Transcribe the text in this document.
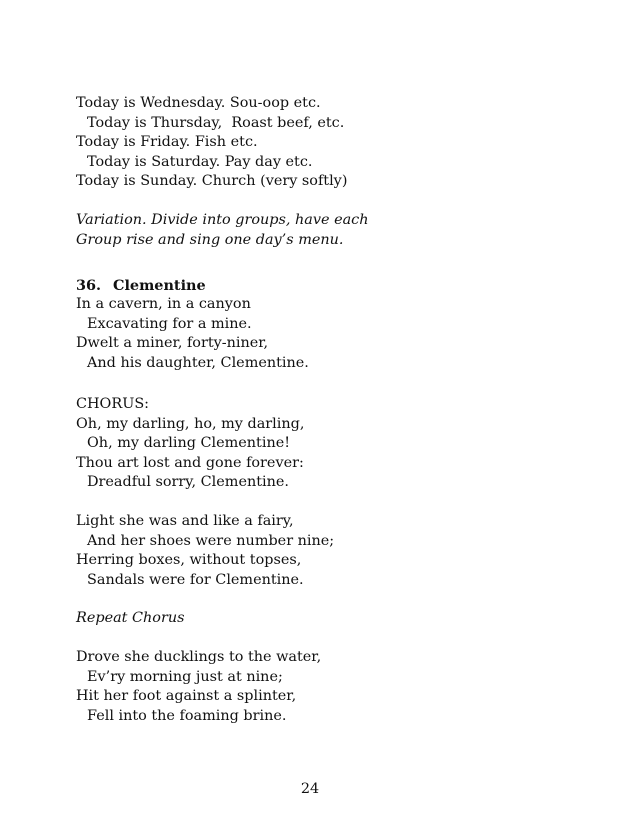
Today is Wednesday. Sou-oop etc.
Today is Thursday,  Roast beef, etc.
Today is Friday. Fish etc.
Today is Saturday. Pay day etc.
Today is Sunday. Church (very softly)
Variation. Divide into groups, have each
Group rise and sing one day’s menu.
36. Clementine
In a cavern, in a canyon
Excavating for a mine.
Dwelt a miner, forty-niner,
And his daughter, Clementine.
CHORUS:
Oh, my darling, ho, my darling,
Oh, my darling Clementine!
Thou art lost and gone forever:
Dreadful sorry, Clementine.
Light she was and like a fairy,
And her shoes were number nine;
Herring boxes, without topses,
Sandals were for Clementine.
Repeat Chorus
Drove she ducklings to the water,
Ev’ry morning just at nine;
Hit her foot against a splinter,
Fell into the foaming brine.
24
